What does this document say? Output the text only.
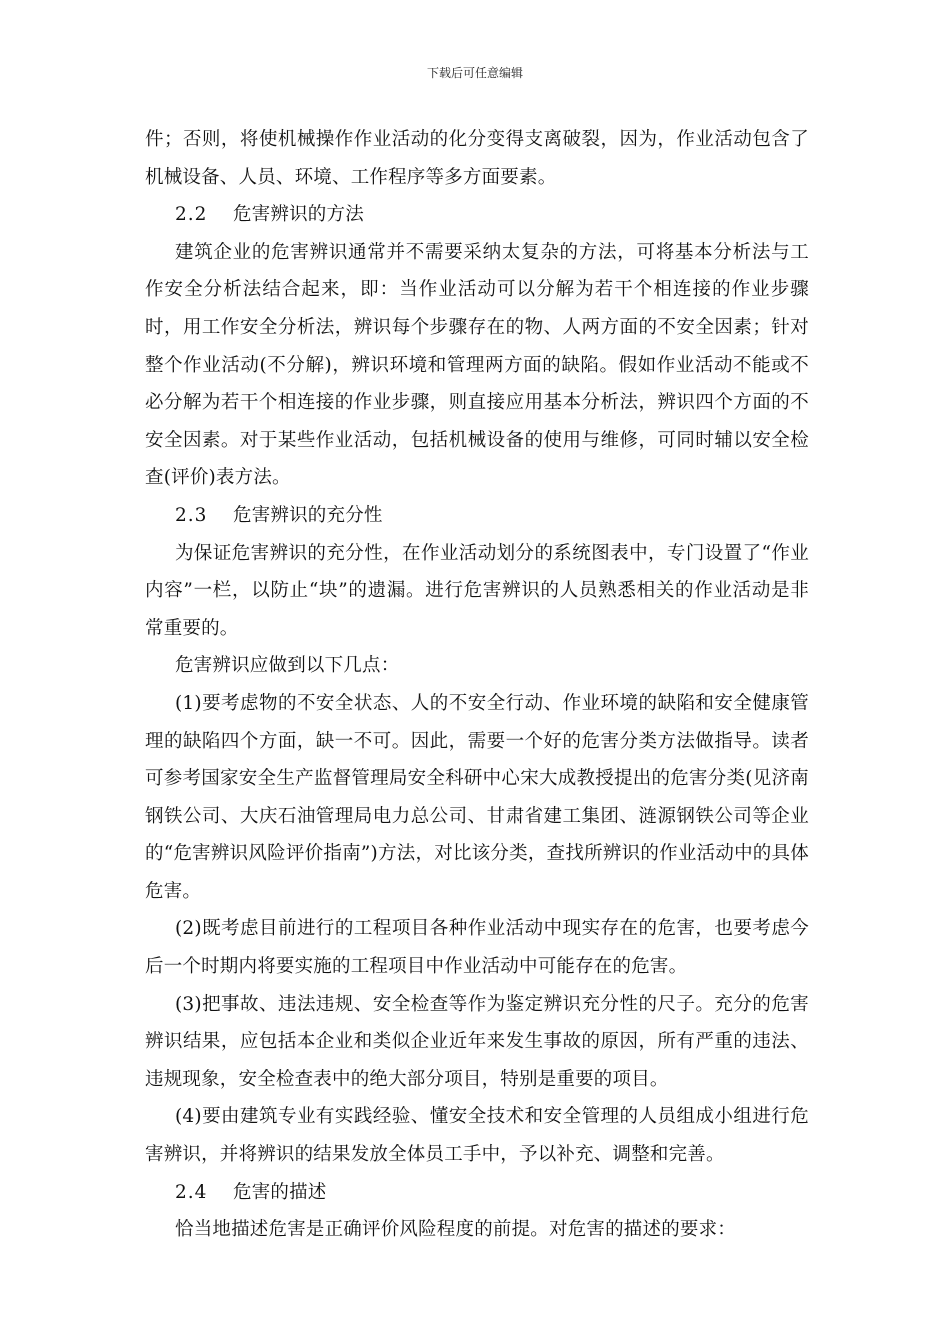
下载后可任意编辑

件；否则，将使机械操作作业活动的化分变得支离破裂，因为，作业活动包含了机械设备、人员、环境、工作程序等多方面要素。

2.2 危害辨识的方法

建筑企业的危害辨识通常并不需要采纳太复杂的方法，可将基本分析法与工作安全分析法结合起来，即：当作业活动可以分解为若干个相连接的作业步骤时，用工作安全分析法，辨识每个步骤存在的物、人两方面的不安全因素；针对整个作业活动(不分解)，辨识环境和管理两方面的缺陷。假如作业活动不能或不必分解为若干个相连接的作业步骤，则直接应用基本分析法，辨识四个方面的不安全因素。对于某些作业活动，包括机械设备的使用与维修，可同时辅以安全检查(评价)表方法。

2.3 危害辨识的充分性

为保证危害辨识的充分性，在作业活动划分的系统图表中，专门设置了“作业内容”一栏，以防止“块”的遗漏。进行危害辨识的人员熟悉相关的作业活动是非常重要的。

危害辨识应做到以下几点：

(1)要考虑物的不安全状态、人的不安全行动、作业环境的缺陷和安全健康管理的缺陷四个方面，缺一不可。因此，需要一个好的危害分类方法做指导。读者可参考国家安全生产监督管理局安全科研中心宋大成教授提出的危害分类(见济南钢铁公司、大庆石油管理局电力总公司、甘肃省建工集团、涟源钢铁公司等企业的“危害辨识风险评价指南”)方法，对比该分类，查找所辨识的作业活动中的具体危害。

(2)既考虑目前进行的工程项目各种作业活动中现实存在的危害，也要考虑今后一个时期内将要实施的工程项目中作业活动中可能存在的危害。

(3)把事故、违法违规、安全检查等作为鉴定辨识充分性的尺子。充分的危害辨识结果，应包括本企业和类似企业近年来发生事故的原因，所有严重的违法、违规现象，安全检查表中的绝大部分项目，特别是重要的项目。

(4)要由建筑专业有实践经验、懂安全技术和安全管理的人员组成小组进行危害辨识，并将辨识的结果发放全体员工手中，予以补充、调整和完善。

2.4 危害的描述

恰当地描述危害是正确评价风险程度的前提。对危害的描述的要求：
